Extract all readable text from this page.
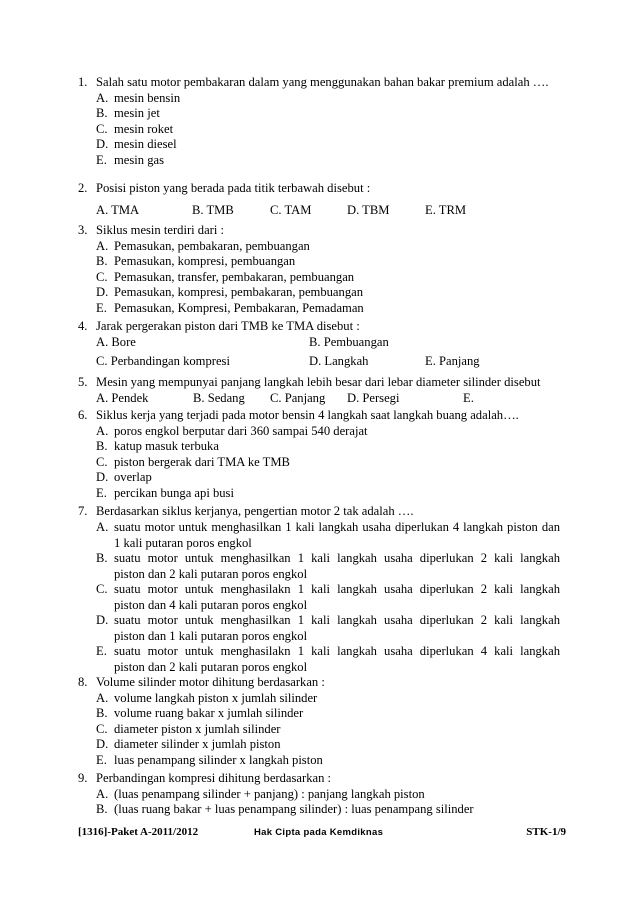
1. Salah satu motor pembakaran dalam yang menggunakan bahan bakar premium adalah ….
A. mesin bensin
B. mesin jet
C. mesin roket
D. mesin diesel
E. mesin gas
2. Posisi piston yang berada pada titik terbawah disebut :
A. TMA	B. TMB	C. TAM	D. TBM	E. TRM
3. Siklus mesin terdiri dari :
A. Pemasukan, pembakaran, pembuangan
B. Pemasukan, kompresi, pembuangan
C. Pemasukan, transfer, pembakaran, pembuangan
D. Pemasukan, kompresi, pembakaran, pembuangan
E. Pemasukan, Kompresi, Pembakaran, Pemadaman
4. Jarak pergerakan piston dari TMB ke TMA disebut :
A. Bore	B. Pembuangan
C. Perbandingan kompresi	D. Langkah	E. Panjang
5. Mesin yang mempunyai panjang langkah lebih besar dari lebar diameter silinder disebut
A. Pendek	B. Sedang C. Panjang D. Persegi	E.
6. Siklus kerja yang terjadi pada motor bensin 4 langkah saat langkah buang adalah….
A. poros engkol berputar dari 360 sampai 540 derajat
B. katup masuk terbuka
C. piston bergerak dari TMA ke TMB
D. overlap
E. percikan bunga api busi
7. Berdasarkan siklus kerjanya, pengertian motor 2 tak adalah ….
A. suatu motor untuk menghasilkan 1 kali langkah usaha diperlukan 4 langkah piston dan
1 kali putaran poros engkol
B. suatu motor untuk menghasilkan 1 kali langkah usaha diperlukan 2 kali langkah
piston dan 2 kali putaran poros engkol
C. suatu motor untuk menghasilakn 1 kali langkah usaha diperlukan 2 kali langkah
piston dan 4 kali putaran poros engkol
D. suatu motor untuk menghasilkan 1 kali langkah usaha diperlukan 2 kali langkah
piston dan 1 kali putaran poros engkol
E. suatu motor untuk menghasilakn 1 kali langkah usaha diperlukan 4 kali langkah
piston dan 2 kali putaran poros engkol
8. Volume silinder motor dihitung berdasarkan :
A. volume langkah piston x jumlah silinder
B. volume ruang bakar x jumlah silinder
C. diameter piston x jumlah silinder
D. diameter silinder x jumlah piston
E. luas penampang silinder x langkah piston
9. Perbandingan kompresi dihitung berdasarkan :
A. (luas penampang silinder + panjang) : panjang langkah piston
B. (luas ruang bakar + luas penampang silinder) : luas penampang silinder
[1316]-Paket A-2011/2012	Hak Cipta pada Kemdiknas	STK-1/9
